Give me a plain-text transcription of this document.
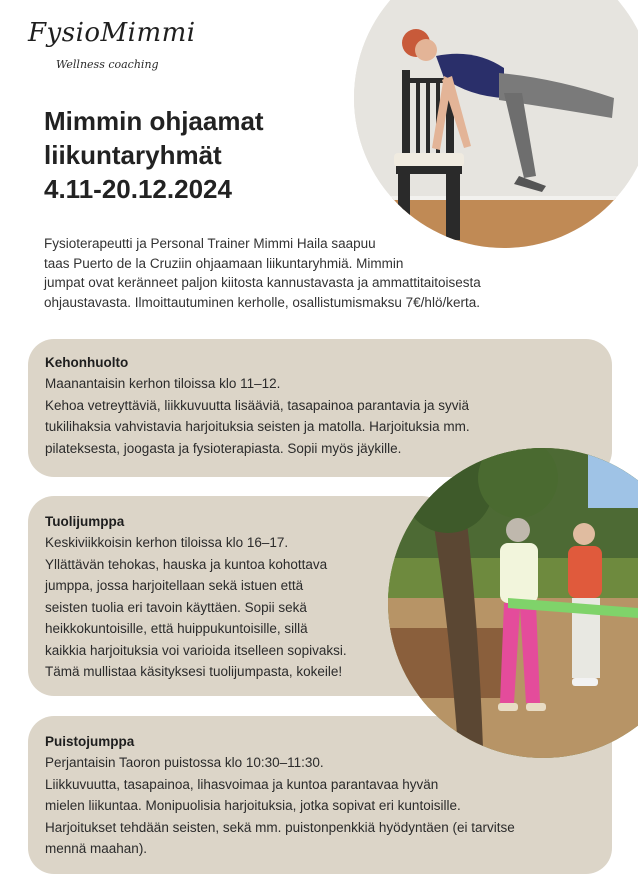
FysioMimmi
Wellness coaching
Mimmin ohjaamat
liikuntaryhmät
4.11-20.12.2024
Fysioterapeutti ja Personal Trainer Mimmi Haila saapuu
taas Puerto de la Cruziin ohjaamaan liikuntaryhmiä. Mimmin
jumpat ovat keränneet paljon kiitosta kannustavasta ja ammattitaitoisesta
ohjaustavasta. Ilmoittautuminen kerholle, osallistumismaksu 7€/hlö/kerta.
Kehonhuolto
Maanantaisin kerhon tiloissa klo 11–12.
Kehoa vetreyttäviä, liikkuvuutta lisääviä, tasapainoa parantavia ja syviä
tukilihaksia vahvistavia harjoituksia seisten ja matolla. Harjoituksia mm.
pilateksesta, joogasta ja fysioterapiasta. Sopii myös jäykille.
Tuolijumppa
Keskiviikkoisin kerhon tiloissa klo 16–17.
Yllättävän tehokas, hauska ja kuntoa kohottava
jumppa, jossa harjoitellaan sekä istuen että
seisten tuolia eri tavoin käyttäen. Sopii sekä
heikkokuntoisille, että huippukuntoisille, sillä
kaikkia harjoituksia voi varioida itselleen sopivaksi.
Tämä mullistaa käsityksesi tuolijumpasta, kokeile!
Puistojumppa
Perjantaisin Taoron puistossa klo 10:30–11:30.
Liikkuvuutta, tasapainoa, lihasvoimaa ja kuntoa parantavaa hyvän
mielen liikuntaa. Monipuolisia harjoituksia, jotka sopivat eri kuntoisille.
Harjoitukset tehdään seisten, sekä mm. puistonpenkkiä hyödyntäen (ei tarvitse
mennä maahan).
